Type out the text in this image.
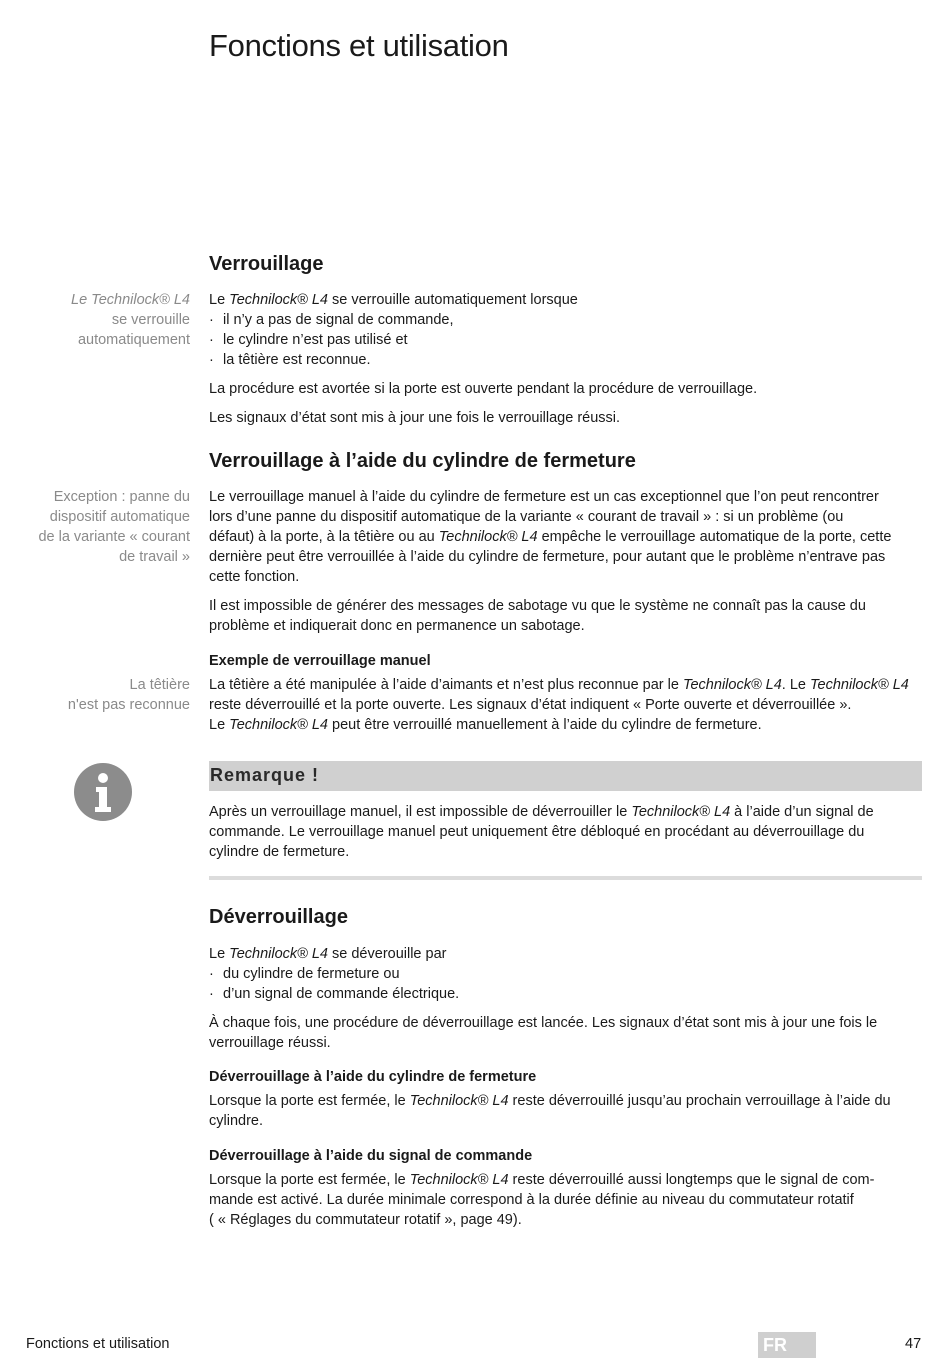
Fonctions et utilisation
Verrouillage
Le Technilock® L4
se verrouille
automatiquement

Le Technilock® L4 se verrouille automatiquement lorsque

· il n’y a pas de signal de commande,
· le cylindre n’est pas utilisé et
· la têtière est reconnue.

La procédure est avortée si la porte est ouverte pendant la procédure de verrouillage.

Les signaux d’état sont mis à jour une fois le verrouillage réussi.

Verrouillage à l’aide du cylindre de fermeture
Exception : panne du
dispositif automatique
de la variante « courant
de travail »
Le verrouillage manuel à l’aide du cylindre de fermeture est un cas exceptionnel que l’on peut rencontrer
lors d’une panne du dispositif automatique de la variante « courant de travail » : si un problème (ou
défaut) à la porte, à la têtière ou au Technilock® L4 empêche le verrouillage automatique de la porte, cette
dernière peut être verrouillée à l’aide du cylindre de fermeture, pour autant que le problème n’entrave pas
cette fonction.
Il est impossible de générer des messages de sabotage vu que le système ne connaît pas la cause du
problème et indiquerait donc en permanence un sabotage.
Exemple de verrouillage manuel
La têtière
n'est pas reconnue
La têtière a été manipulée à l’aide d’aimants et n’est plus reconnue par le Technilock® L4. Le Technilock® L4
reste déverrouillé et la porte ouverte. Les signaux d’état indiquent « Porte ouverte et déverrouillée ».
Le Technilock® L4 peut être verrouillé manuellement à l’aide du cylindre de fermeture.
Remarque !
Après un verrouillage manuel, il est impossible de déverrouiller le Technilock® L4 à l’aide d’un signal de
commande. Le verrouillage manuel peut uniquement être débloqué en procédant au déverrouillage du
cylindre de fermeture.
Déverrouillage

Le Technilock® L4 se déverouille par

· du cylindre de fermeture ou
· d’un signal de commande électrique.
À chaque fois, une procédure de déverrouillage est lancée. Les signaux d’état sont mis à jour une fois le
verrouillage réussi.
Déverrouillage à l’aide du cylindre de fermeture
Lorsque la porte est fermée, le Technilock® L4 reste déverrouillé jusqu’au prochain verrouillage à l’aide du
cylindre.
Déverrouillage à l’aide du signal de commande
Lorsque la porte est fermée, le Technilock® L4 reste déverrouillé aussi longtemps que le signal de com-
mande est activé. La durée minimale correspond à la durée définie au niveau du commutateur rotatif
( « Réglages du commutateur rotatif », page 49).
Fonctions et utilisation	FR	47
